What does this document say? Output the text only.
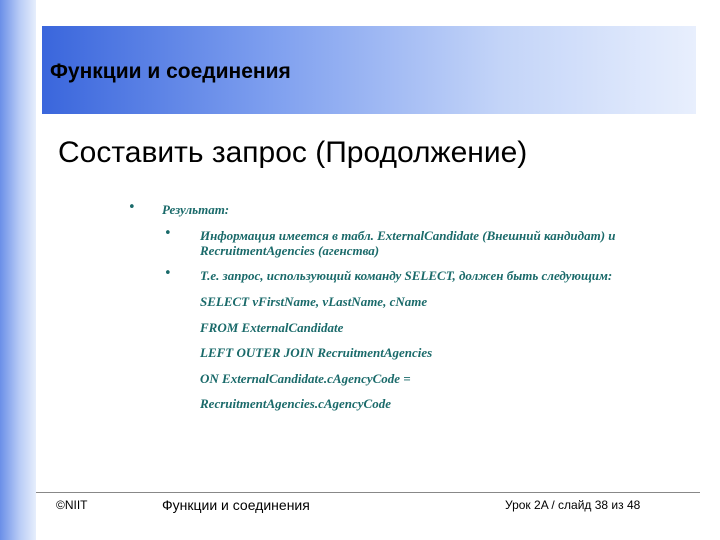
Функции и соединения
Составить запрос (Продолжение)
• Результат:
• Информация имеется в табл. ExternalCandidate (Внешний кандидат) и
RecruitmentAgencies (агенства)
• Т.е. запрос, использующий команду SELECT, должен быть следующим:
SELECT vFirstName, vLastName, cName
FROM ExternalCandidate
LEFT OUTER JOIN RecruitmentAgencies
ON ExternalCandidate.cAgencyCode =
RecruitmentAgencies.cAgencyCode
©NIIT	Функции и соединения	Урок 2A / слайд 38 из 48
